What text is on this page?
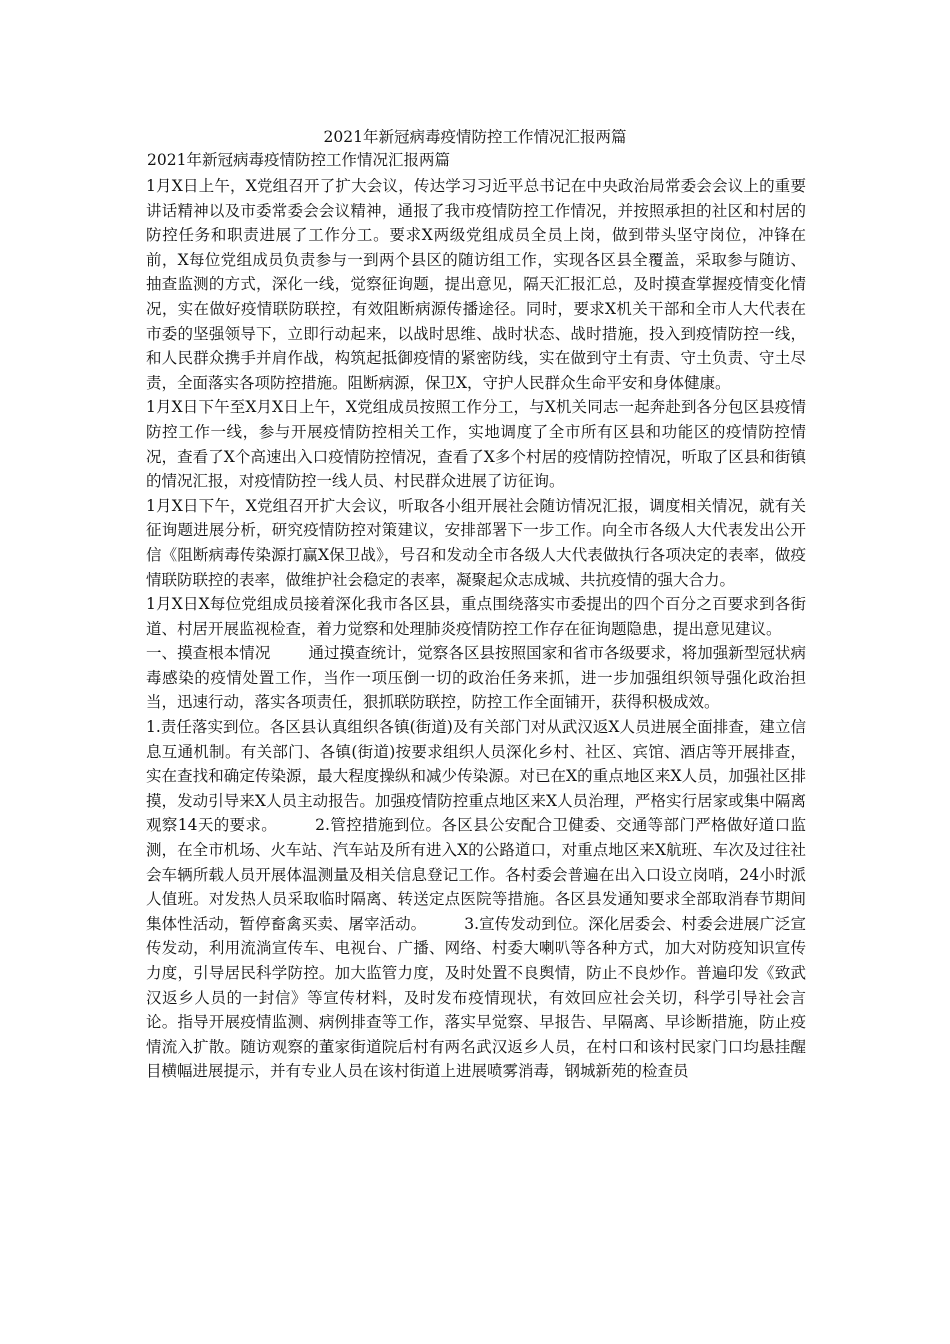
2021年新冠病毒疫情防控工作情况汇报两篇
2021年新冠病毒疫情防控工作情况汇报两篇

1月X日上午，X党组召开了扩大会议，传达学习习近平总书记在中央政治局常委会会议上的重要讲话精神以及市委常委会会议精神，通报了我市疫情防控工作情况，并按照承担的社区和村居的防控任务和职责进展了工作分工。要求X两级党组成员全员上岗，做到带头坚守岗位，冲锋在前，X每位党组成员负责参与一到两个县区的随访组工作，实现各区县全覆盖，采取参与随访、抽查监测的方式，深化一线，觉察征询题，提出意见，隔天汇报汇总，及时摸查掌握疫情变化情况，实在做好疫情联防联控，有效阻断病源传播途径。同时，要求X机关干部和全市人大代表在市委的坚强领导下，立即行动起来，以战时思维、战时状态、战时措施，投入到疫情防控一线，和人民群众携手并肩作战，构筑起抵御疫情的紧密防线，实在做到守土有责、守土负责、守土尽责，全面落实各项防控措施。阻断病源，保卫X，守护人民群众生命平安和身体健康。

1月X日下午至X月X日上午，X党组成员按照工作分工，与X机关同志一起奔赴到各分包区县疫情防控工作一线，参与开展疫情防控相关工作，实地调度了全市所有区县和功能区的疫情防控情况，查看了X个高速出入口疫情防控情况，查看了X多个村居的疫情防控情况，听取了区县和街镇的情况汇报，对疫情防控一线人员、村民群众进展了访征询。

1月X日下午，X党组召开扩大会议，听取各小组开展社会随访情况汇报，调度相关情况，就有关征询题进展分析，研究疫情防控对策建议，安排部署下一步工作。向全市各级人大代表发出公开信《阻断病毒传染源打赢X保卫战》，号召和发动全市各级人大代表做执行各项决定的表率，做疫情联防联控的表率，做维护社会稳定的表率，凝聚起众志成城、共抗疫情的强大合力。

1月X日X每位党组成员接着深化我市各区县，重点围绕落实市委提出的四个百分之百要求到各街道、村居开展监视检查，着力觉察和处理肺炎疫情防控工作存在征询题隐患，提出意见建议。

一、摸查根本情况 通过摸查统计，觉察各区县按照国家和省市各级要求，将加强新型冠状病毒感染的疫情处置工作，当作一项压倒一切的政治任务来抓，进一步加强组织领导强化政治担当，迅速行动，落实各项责任，狠抓联防联控，防控工作全面铺开，获得积极成效。

1.责任落实到位。各区县认真组织各镇(街道)及有关部门对从武汉返X人员进展全面排查，建立信息互通机制。有关部门、各镇(街道)按要求组织人员深化乡村、社区、宾馆、酒店等开展排查，实在查找和确定传染源，最大程度操纵和减少传染源。对已在X的重点地区来X人员，加强社区排摸，发动引导来X人员主动报告。加强疫情防控重点地区来X人员治理，严格实行居家或集中隔离观察14天的要求。 2.管控措施到位。各区县公安配合卫健委、交通等部门严格做好道口监测，在全市机场、火车站、汽车站及所有进入X的公路道口，对重点地区来X航班、车次及过往社会车辆所载人员开展体温测量及相关信息登记工作。各村委会普遍在出入口设立岗哨，24小时派人值班。对发热人员采取临时隔离、转送定点医院等措施。各区县发通知要求全部取消春节期间集体性活动，暂停畜禽买卖、屠宰活动。 3.宣传发动到位。深化居委会、村委会进展广泛宣传发动，利用流淌宣传车、电视台、广播、网络、村委大喇叭等各种方式，加大对防疫知识宣传力度，引导居民科学防控。加大监管力度，及时处置不良舆情，防止不良炒作。普遍印发《致武汉返乡人员的一封信》等宣传材料，及时发布疫情现状，有效回应社会关切，科学引导社会言论。指导开展疫情监测、病例排查等工作，落实早觉察、早报告、早隔离、早诊断措施，防止疫情流入扩散。随访观察的董家街道院后村有两名武汉返乡人员，在村口和该村民家门口均悬挂醒目横幅进展提示，并有专业人员在该村街道上进展喷雾消毒，钢城新苑的检查员
